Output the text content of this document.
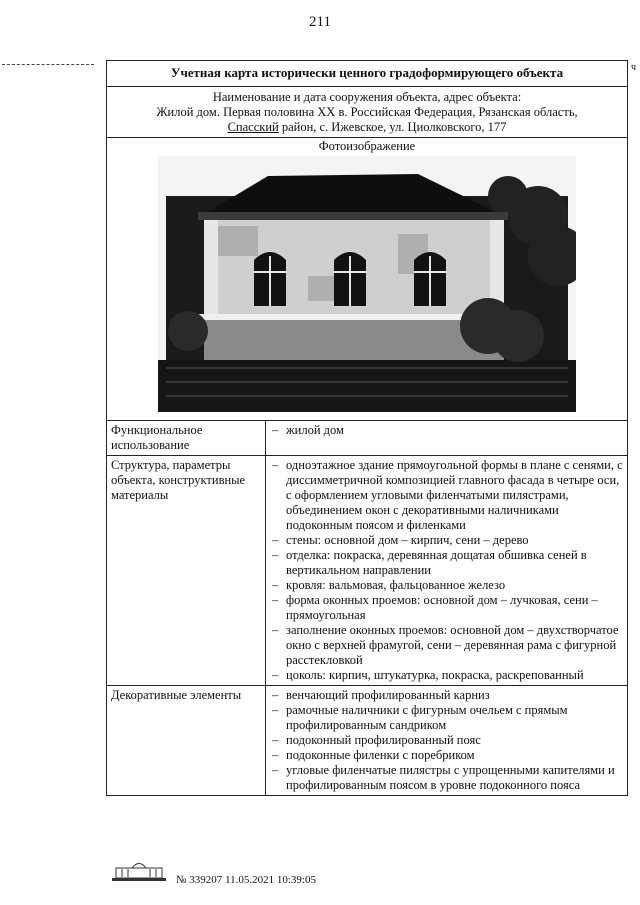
211
ч
Учетная карта исторически ценного градоформирующего объекта
Наименование и дата сооружения объекта, адрес объекта:
Жилой дом. Первая половина XX в. Российская Федерация, Рязанская область,
Спасский район, с. Ижевское, ул. Циолковского, 177
Фотоизображение
Функциональное использование
– жилой дом
Структура, параметры объекта, конструктивные материалы
– одноэтажное здание прямоугольной формы в плане с сенями, с диссимметричной композицией главного фасада в четыре оси, с оформлением угловыми филенчатыми пилястрами, объединением окон с декоративными наличниками подоконным поясом и филенками
– стены: основной дом – кирпич, сени – дерево
– отделка: покраска, деревянная дощатая обшивка сеней в вертикальном направлении
– кровля: вальмовая, фальцованное железо
– форма оконных проемов: основной дом – лучковая, сени – прямоугольная
– заполнение оконных проемов: основной дом – двухстворчатое окно с верхней фрамугой, сени – деревянная рама с фигурной расстекловкой
– цоколь: кирпич, штукатурка, покраска, раскрепованный
Декоративные элементы	– венчающий профилированный карниз
– рамочные наличники с фигурным очельем с прямым профилированным сандриком
– подоконный профилированный пояс
– подоконные филенки с поребриком
– угловые филенчатые пилястры с упрощенными капителями и профилированным поясом в уровне подоконного пояса
№ 339207 11.05.2021 10:39:05
